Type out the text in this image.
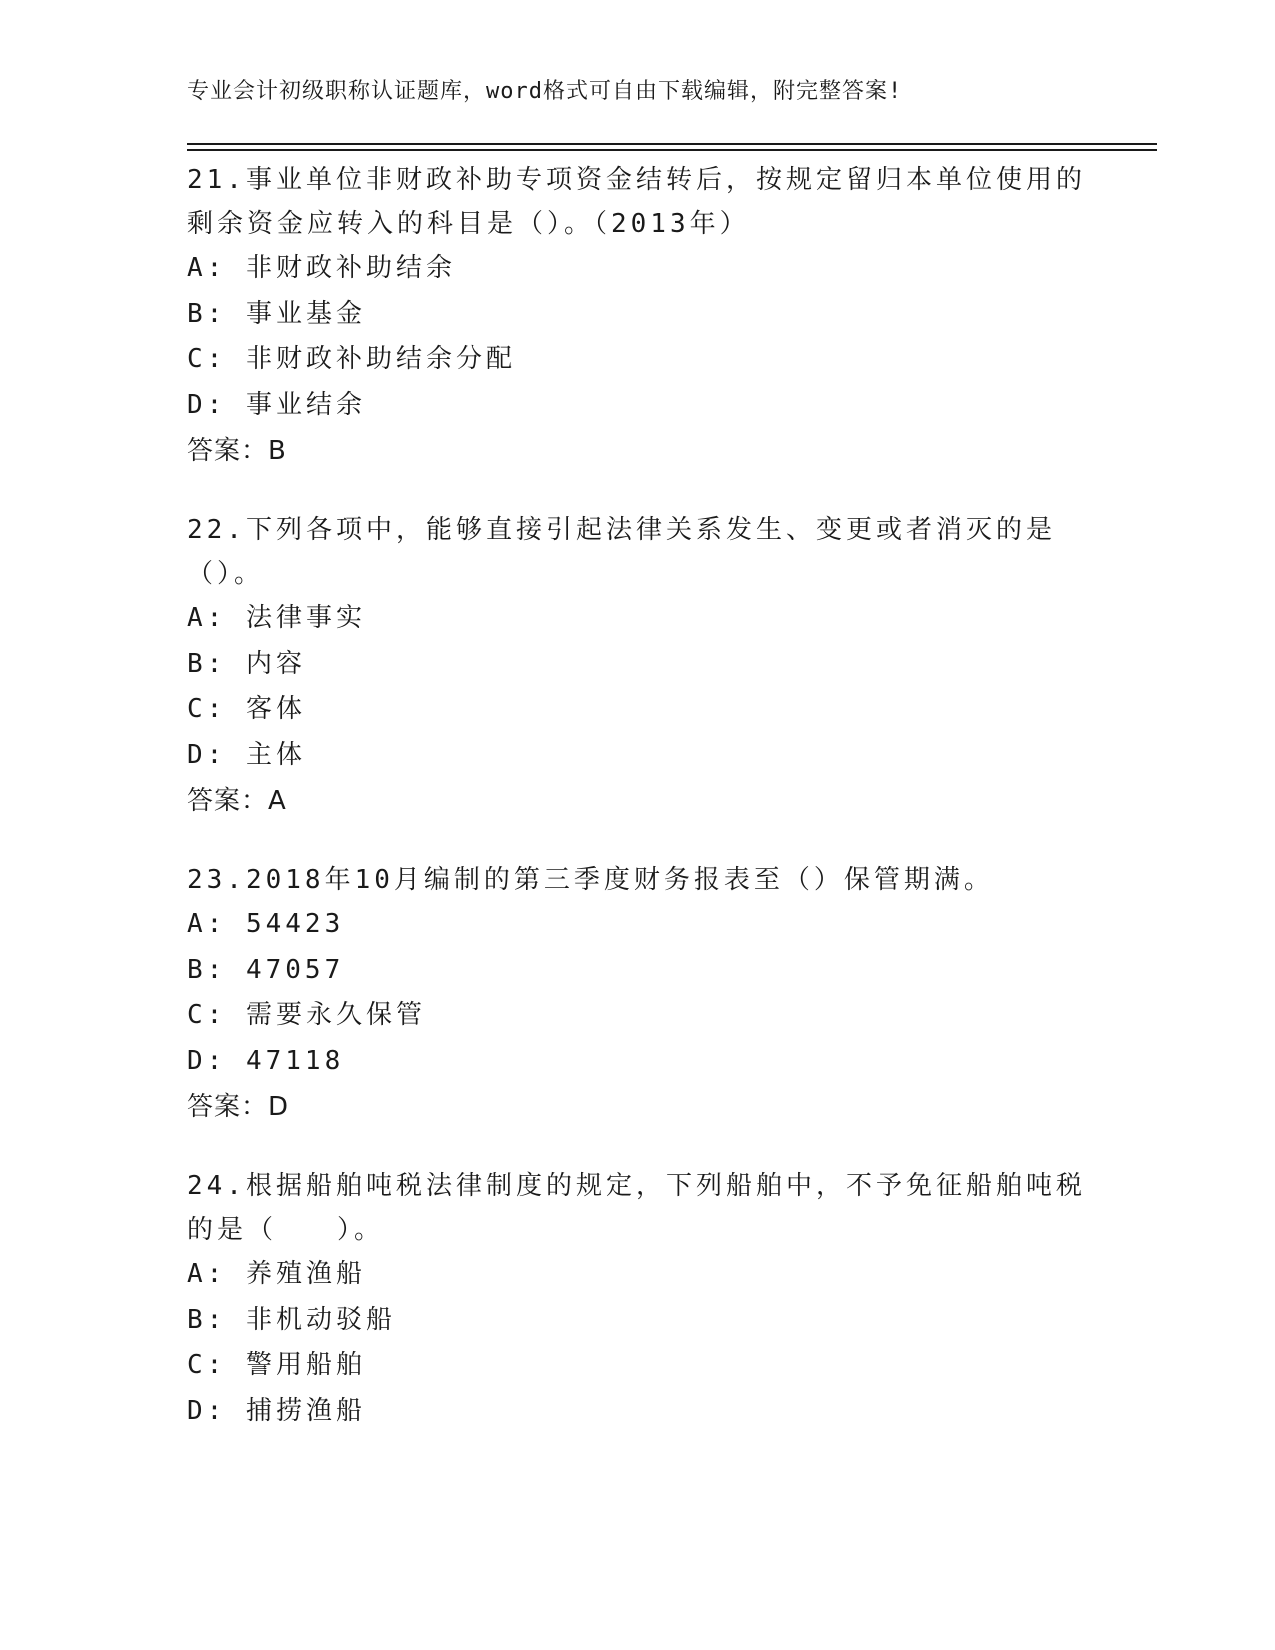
专业会计初级职称认证题库，word格式可自由下载编辑，附完整答案!
21.事业单位非财政补助专项资金结转后，按规定留归本单位使用的剩余资金应转入的科目是（）。（2013年）
A: 非财政补助结余
B: 事业基金
C: 非财政补助结余分配
D: 事业结余
答案：B
22.下列各项中，能够直接引起法律关系发生、变更或者消灭的是（）。
A: 法律事实
B: 内容
C: 客体
D: 主体
答案：A
23.2018年10月编制的第三季度财务报表至（）保管期满。
A: 54423
B: 47057
C: 需要永久保管
D: 47118
答案：D
24.根据船舶吨税法律制度的规定，下列船舶中，不予免征船舶吨税的是（　　）。
A: 养殖渔船
B: 非机动驳船
C: 警用船舶
D: 捕捞渔船
